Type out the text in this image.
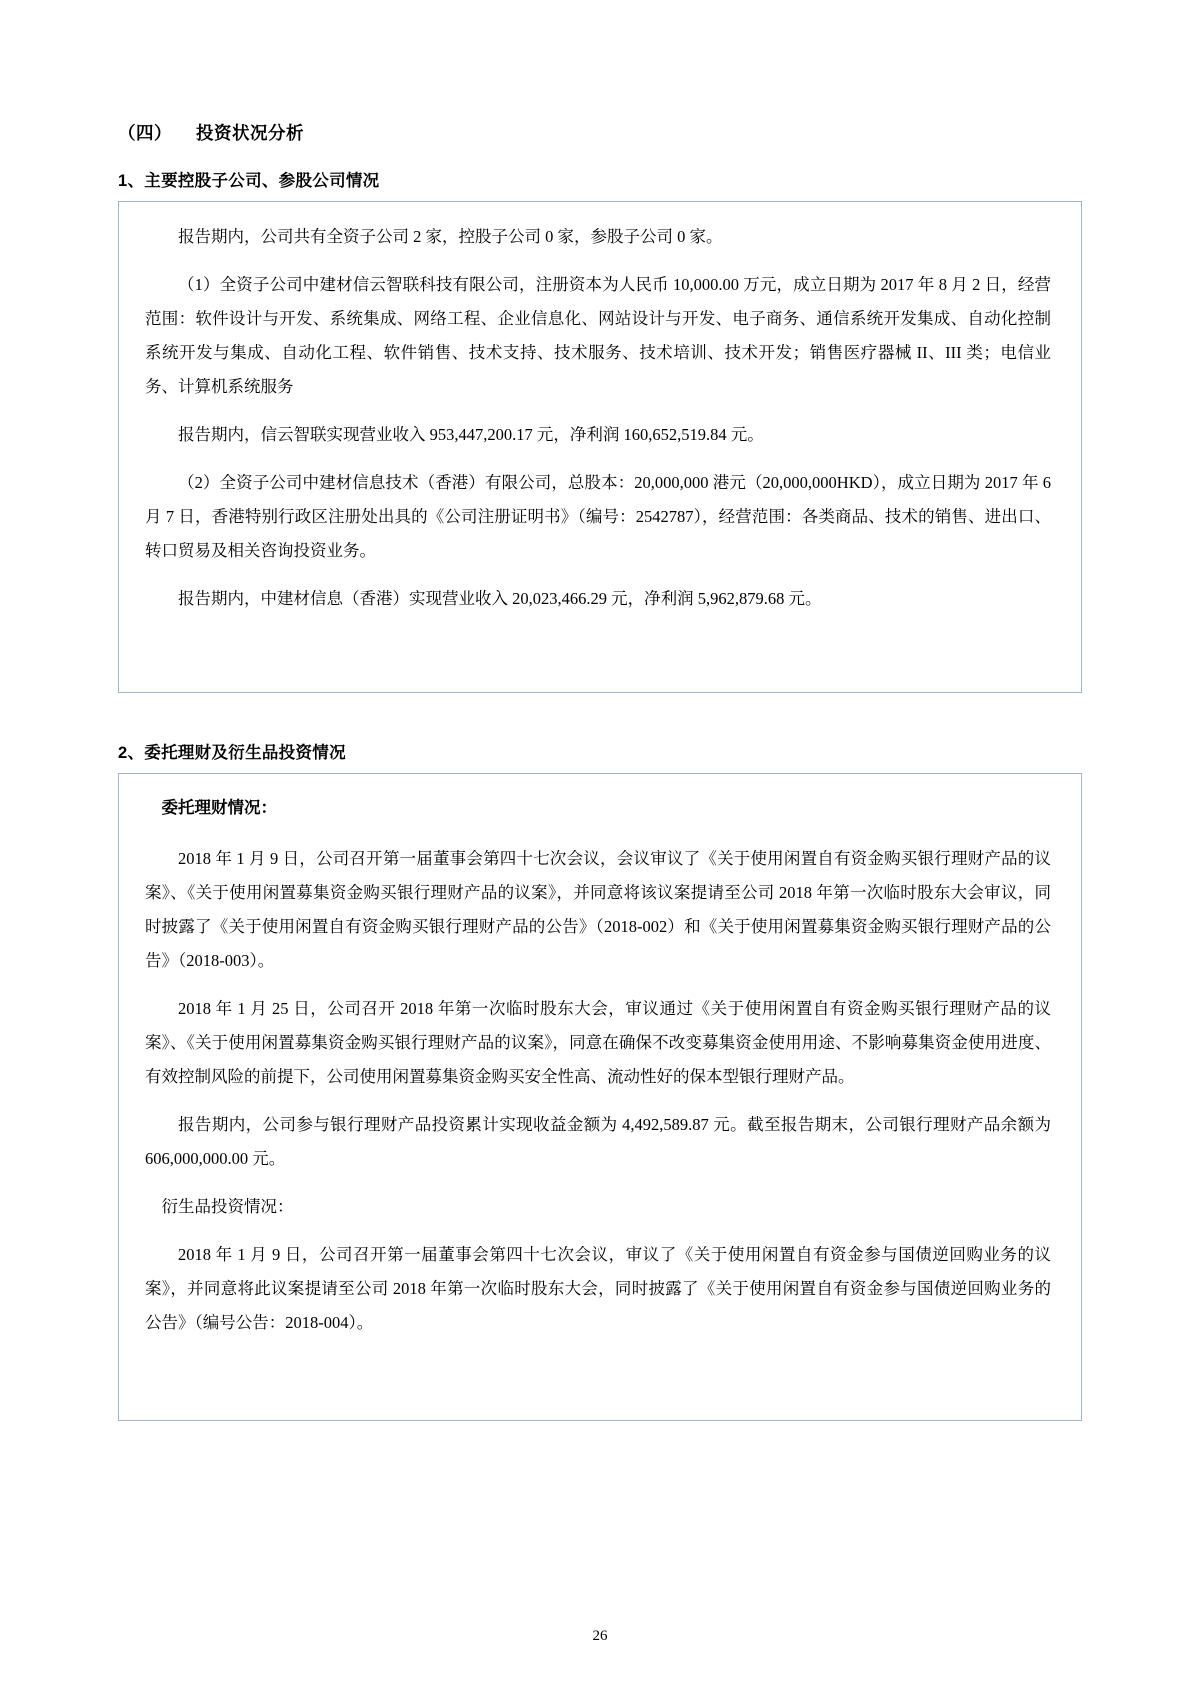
（四）	投资状况分析
1、主要控股子公司、参股公司情况

报告期内，公司共有全资子公司 2 家，控股子公司 0 家，参股子公司 0 家。

（1）全资子公司中建材信云智联科技有限公司，注册资本为人民币 10,000.00 万元，成立日期为 2017 年 8 月 2 日，经营范围：软件设计与开发、系统集成、网络工程、企业信息化、网站设计与开发、电子商务、通信系统开发集成、自动化控制系统开发与集成、自动化工程、软件销售、技术支持、技术服务、技术培训、技术开发；销售医疗器械 II、III 类；电信业务、计算机系统服务

报告期内，信云智联实现营业收入 953,447,200.17 元，净利润 160,652,519.84 元。

（2）全资子公司中建材信息技术（香港）有限公司，总股本：20,000,000 港元（20,000,000HKD），成立日期为 2017 年 6 月 7 日，香港特别行政区注册处出具的《公司注册证明书》（编号：2542787），经营范围：各类商品、技术的销售、进出口、转口贸易及相关咨询投资业务。

报告期内，中建材信息（香港）实现营业收入 20,023,466.29 元，净利润 5,962,879.68 元。

2、委托理财及衍生品投资情况

委托理财情况：

2018 年 1 月 9 日，公司召开第一届董事会第四十七次会议，会议审议了《关于使用闲置自有资金购买银行理财产品的议案》、《关于使用闲置募集资金购买银行理财产品的议案》，并同意将该议案提请至公司 2018 年第一次临时股东大会审议，同时披露了《关于使用闲置自有资金购买银行理财产品的公告》（2018-002）和《关于使用闲置募集资金购买银行理财产品的公告》（2018-003）。

2018 年 1 月 25 日，公司召开 2018 年第一次临时股东大会，审议通过《关于使用闲置自有资金购买银行理财产品的议案》、《关于使用闲置募集资金购买银行理财产品的议案》，同意在确保不改变募集资金使用用途、不影响募集资金使用进度、有效控制风险的前提下，公司使用闲置募集资金购买安全性高、流动性好的保本型银行理财产品。

报告期内，公司参与银行理财产品投资累计实现收益金额为 4,492,589.87 元。截至报告期末，公司银行理财产品余额为 606,000,000.00 元。

衍生品投资情况：

2018 年 1 月 9 日，公司召开第一届董事会第四十七次会议，审议了《关于使用闲置自有资金参与国债逆回购业务的议案》，并同意将此议案提请至公司 2018 年第一次临时股东大会，同时披露了《关于使用闲置自有资金参与国债逆回购业务的公告》（编号公告：2018-004）。

26
